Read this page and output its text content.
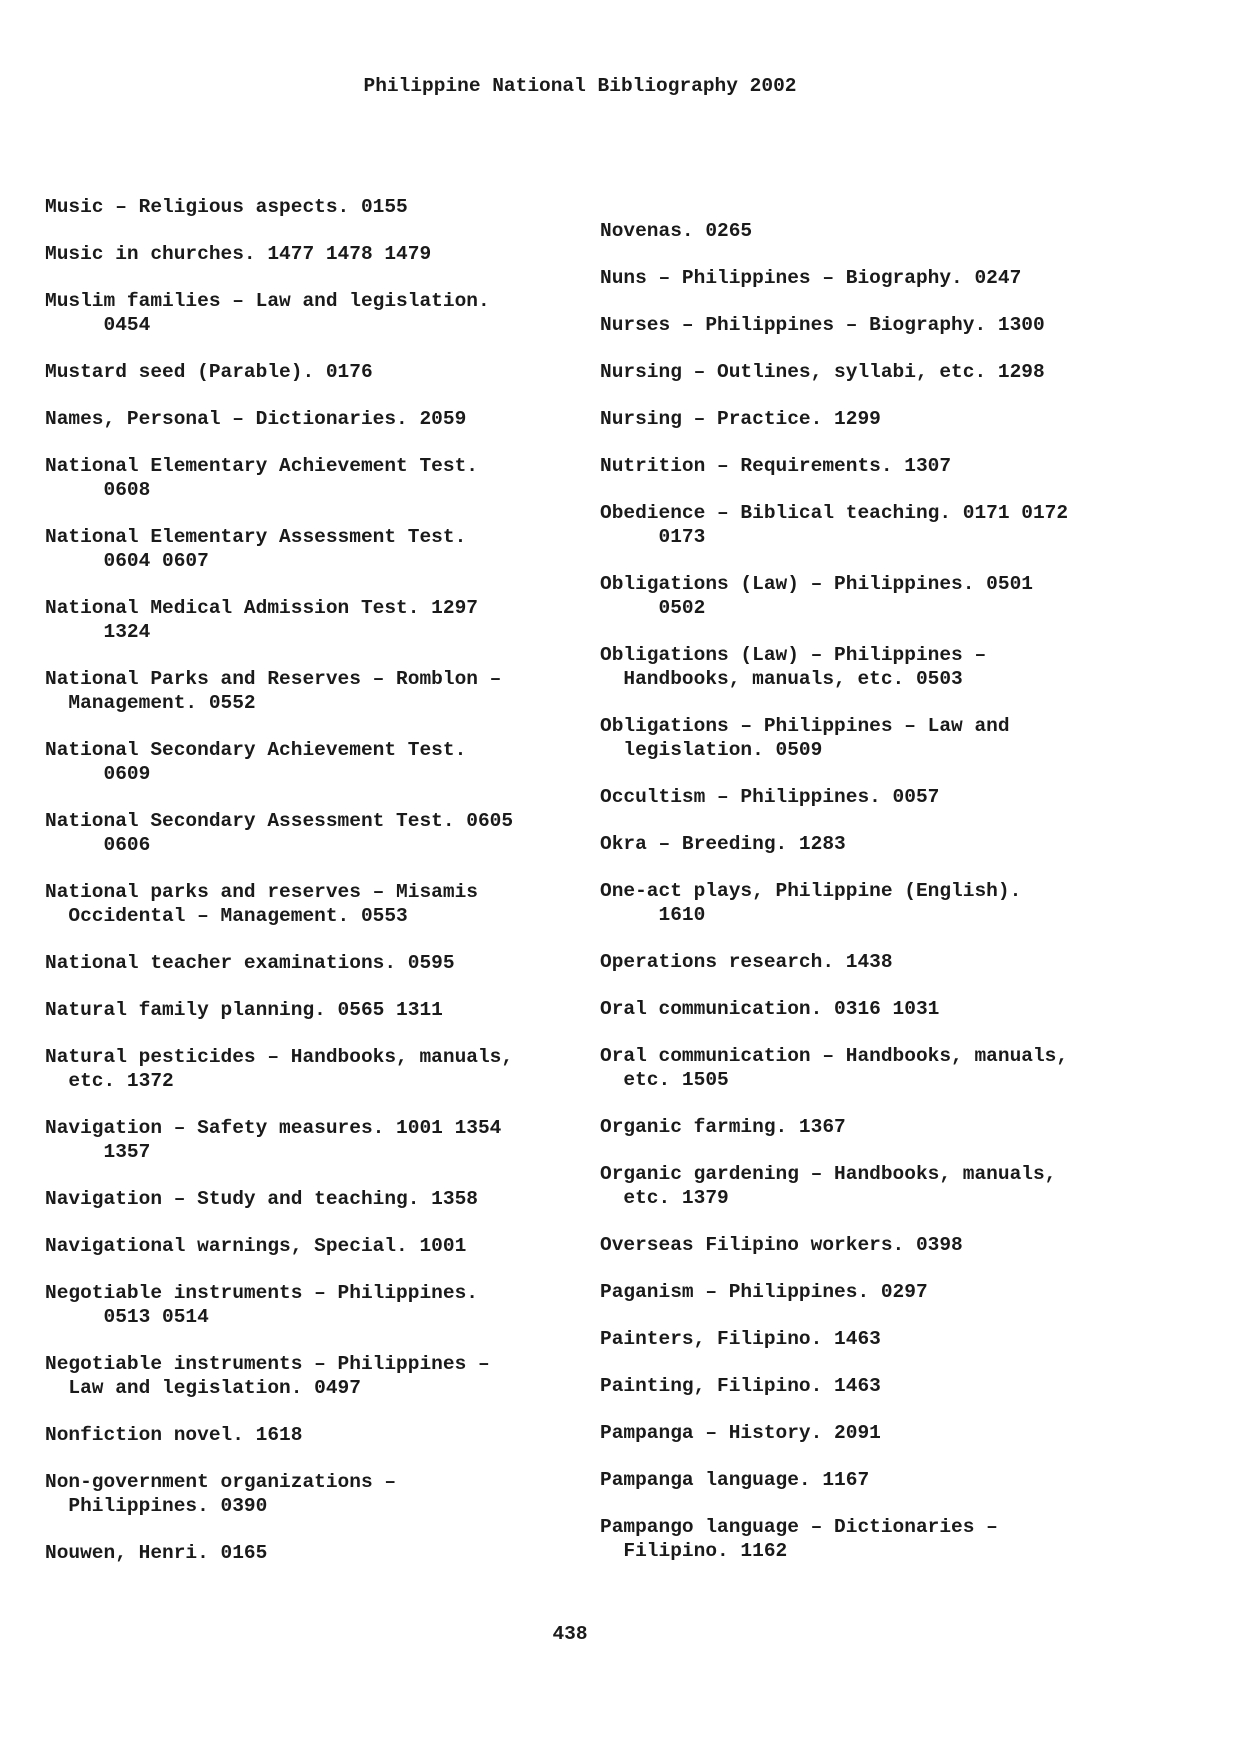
Philippine National Bibliography 2002
Music – Religious aspects. 0155
Music in churches. 1477 1478 1479
Muslim families – Law and legislation.
0454
Mustard seed (Parable). 0176
Names, Personal – Dictionaries. 2059
National Elementary Achievement Test.
0608
National Elementary Assessment Test.
0604 0607
National Medical Admission Test. 1297
1324
National Parks and Reserves – Romblon –
Management. 0552
National Secondary Achievement Test.
0609
National Secondary Assessment Test. 0605
0606
National parks and reserves – Misamis
Occidental – Management. 0553
National teacher examinations. 0595
Natural family planning. 0565 1311
Natural pesticides – Handbooks, manuals,
etc. 1372
Navigation – Safety measures. 1001 1354
1357
Navigation – Study and teaching. 1358
Navigational warnings, Special. 1001
Negotiable instruments – Philippines.
0513 0514
Negotiable instruments – Philippines –
Law and legislation. 0497
Nonfiction novel. 1618
Non-government organizations –
Philippines. 0390
Nouwen, Henri. 0165
Novenas. 0265
Nuns – Philippines – Biography. 0247
Nurses – Philippines – Biography. 1300
Nursing – Outlines, syllabi, etc. 1298
Nursing – Practice. 1299
Nutrition – Requirements. 1307
Obedience – Biblical teaching. 0171 0172
0173
Obligations (Law) – Philippines. 0501
0502
Obligations (Law) – Philippines –
Handbooks, manuals, etc. 0503
Obligations – Philippines – Law and
legislation. 0509
Occultism – Philippines. 0057
Okra – Breeding. 1283
One-act plays, Philippine (English).
1610
Operations research. 1438
Oral communication. 0316 1031
Oral communication – Handbooks, manuals,
etc. 1505
Organic farming. 1367
Organic gardening – Handbooks, manuals,
etc. 1379
Overseas Filipino workers. 0398
Paganism – Philippines. 0297
Painters, Filipino. 1463
Painting, Filipino. 1463
Pampanga – History. 2091
Pampanga language. 1167
Pampango language – Dictionaries –
Filipino. 1162
438
